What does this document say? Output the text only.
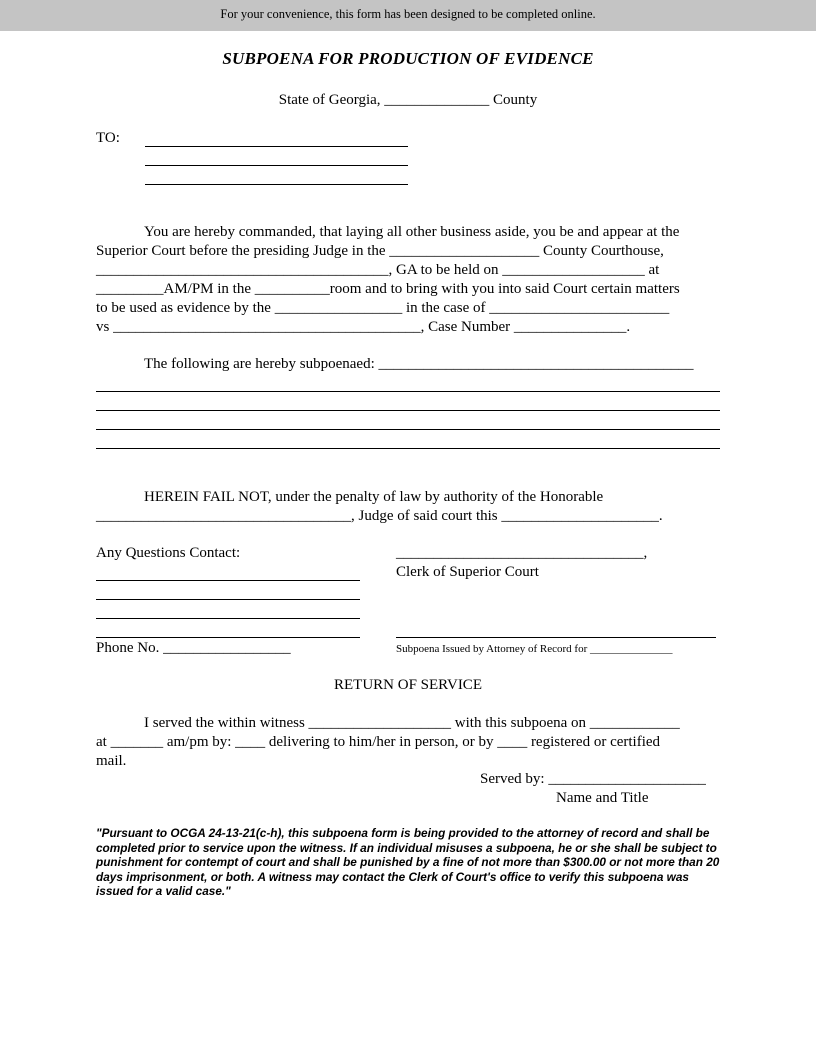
For your convenience, this form has been designed to be completed online.
SUBPOENA FOR PRODUCTION OF EVIDENCE
State of Georgia, ______________ County
TO:
You are hereby commanded, that laying all other business aside, you be and appear at the
Superior Court before the presiding Judge in the ____________________ County Courthouse,
_______________________________________, GA to be held on ___________________ at
_________AM/PM in the __________room and to bring with you into said Court certain matters
to be used as evidence by the _________________ in the case of ________________________
vs _________________________________________, Case Number _______________.
The following are hereby subpoenaed: __________________________________________
HEREIN FAIL NOT, under the penalty of law by authority of the Honorable
__________________________________, Judge of said court this _____________________.
Any Questions Contact:
Phone No. _________________
_________________________________,
Clerk of Superior Court
Subpoena Issued by Attorney of Record for _______________
RETURN OF SERVICE
I served the within witness ___________________ with this subpoena on ____________
at _______ am/pm by: ____ delivering to him/her in person, or by ____ registered or certified
mail.
Served by: _____________________
Name and Title
"Pursuant to OCGA 24-13-21(c-h), this subpoena form is being provided to the attorney of record and shall be completed prior to service upon the witness. If an individual misuses a subpoena, he or she shall be subject to punishment for contempt of court and shall be punished by a fine of not more than $300.00 or not more than 20 days imprisonment, or both. A witness may contact the Clerk of Court's office to verify this subpoena was issued for a valid case."
